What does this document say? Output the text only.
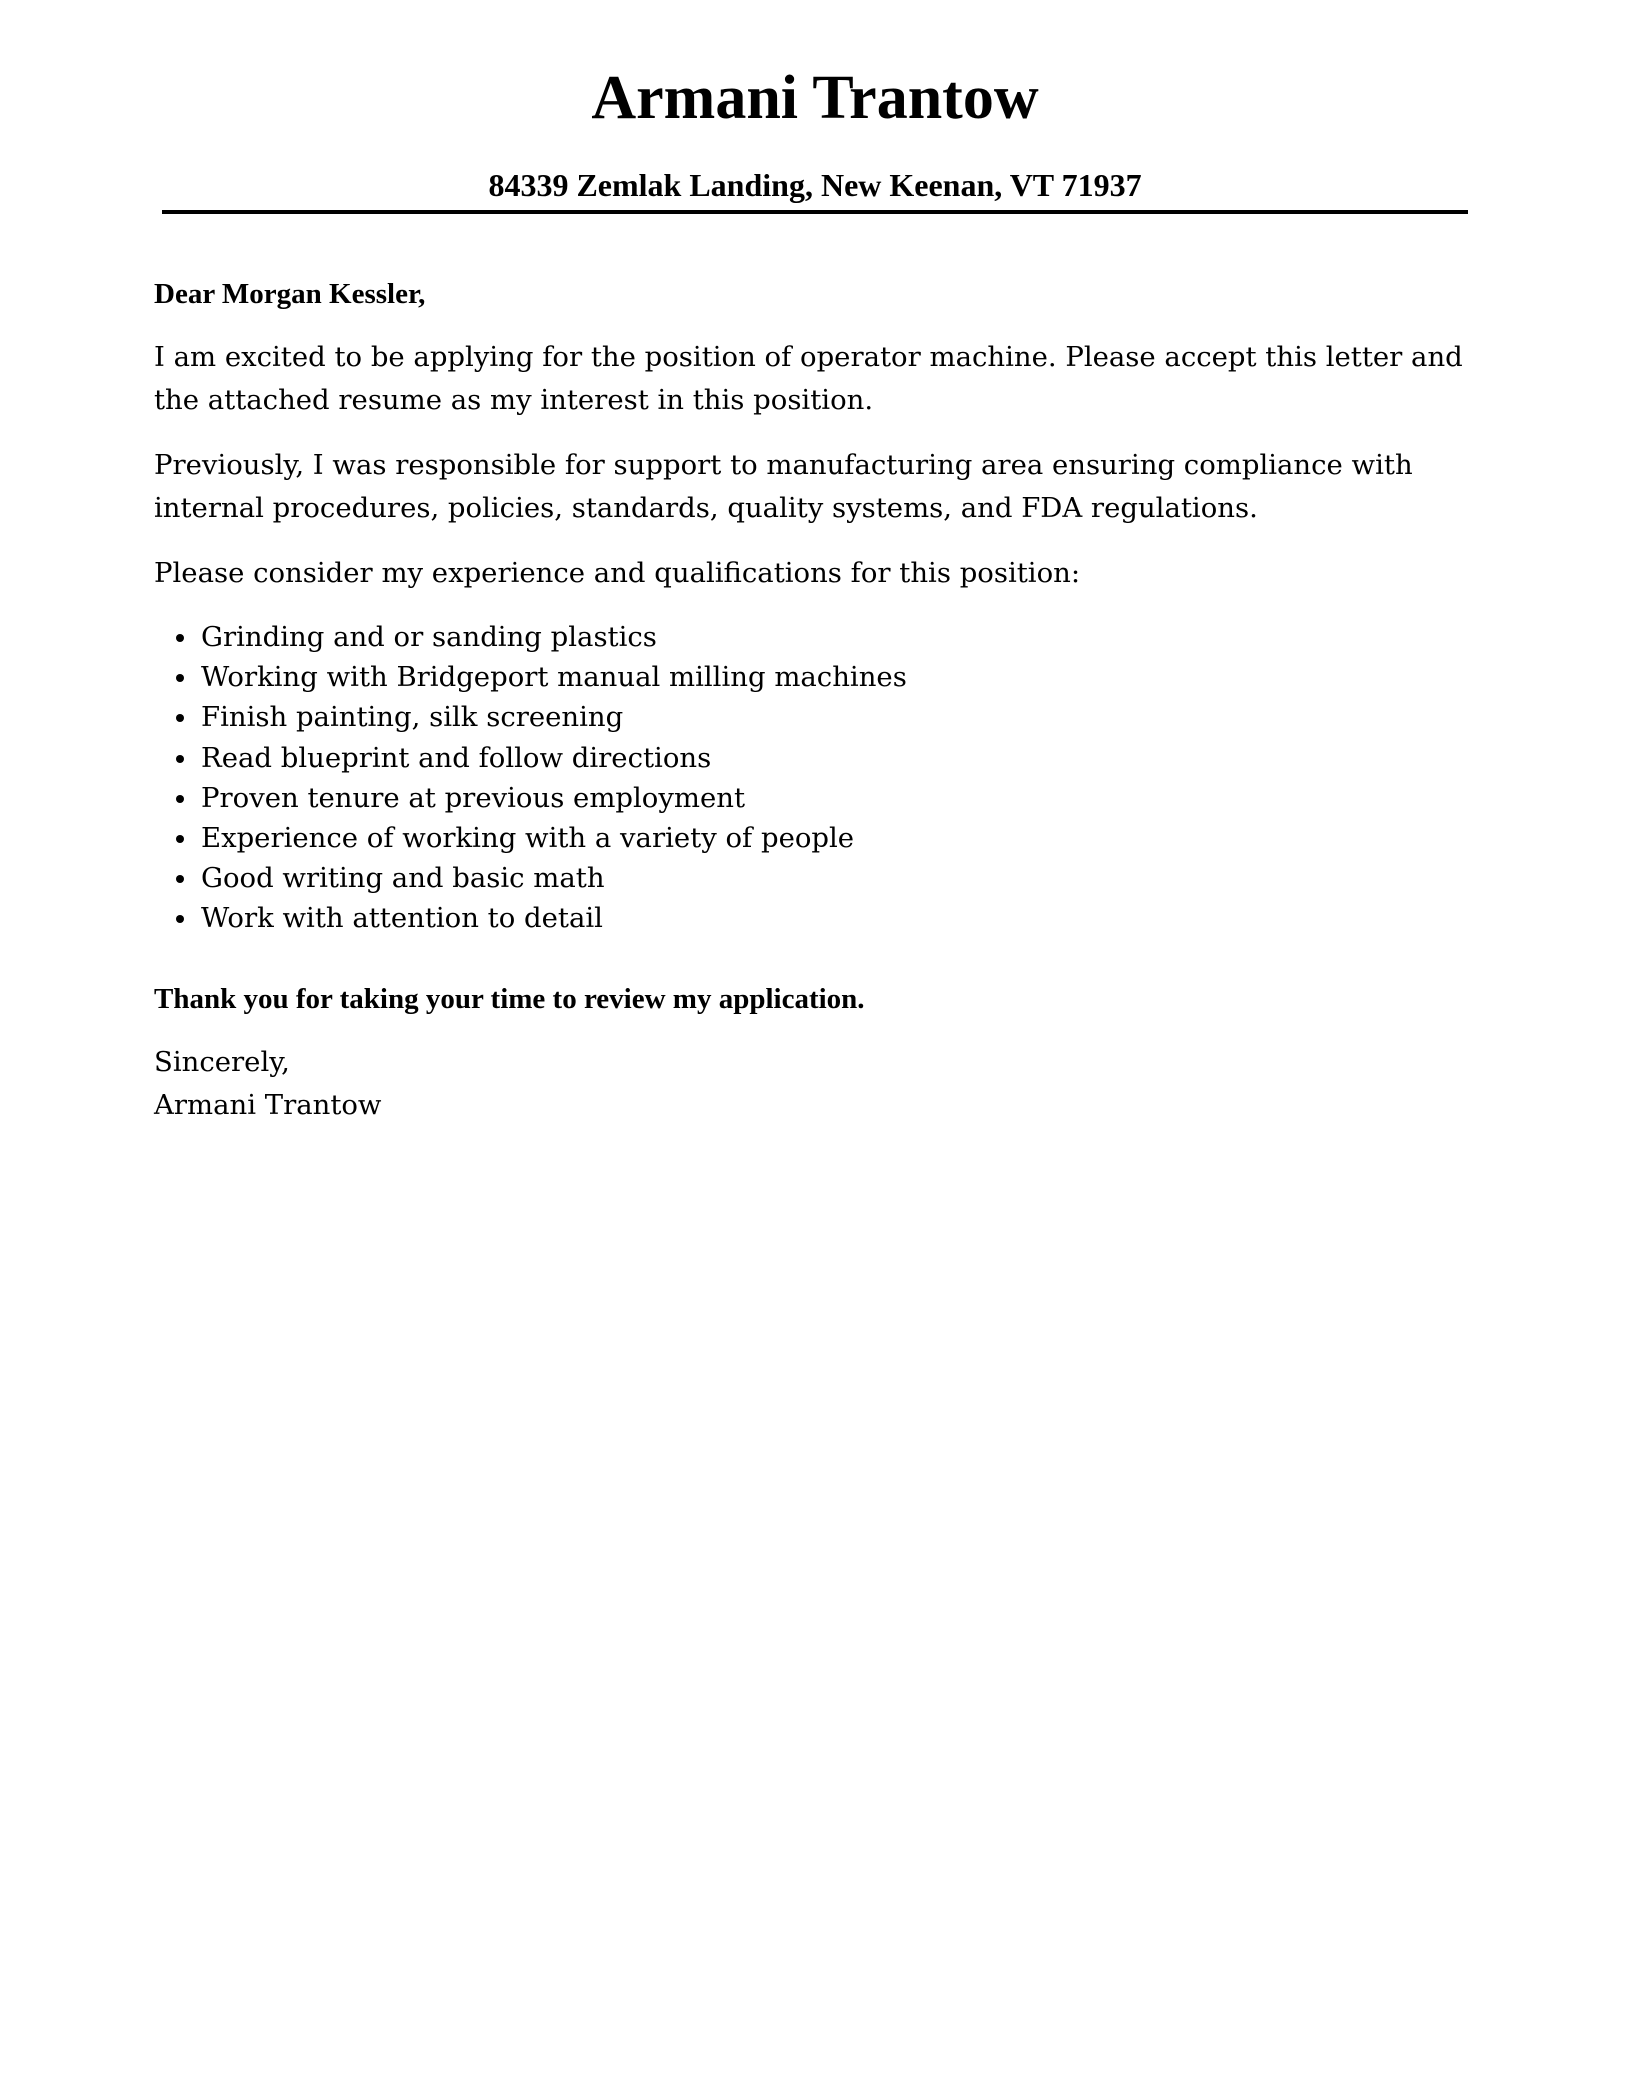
Armani Trantow
84339 Zemlak Landing, New Keenan, VT 71937

Dear Morgan Kessler,

I am excited to be applying for the position of operator machine. Please accept this letter and the attached resume as my interest in this position.

Previously, I was responsible for support to manufacturing area ensuring compliance with internal procedures, policies, standards, quality systems, and FDA regulations.

Please consider my experience and qualifications for this position:

Grinding and or sanding plastics
Working with Bridgeport manual milling machines
Finish painting, silk screening
Read blueprint and follow directions
Proven tenure at previous employment
Experience of working with a variety of people
Good writing and basic math
Work with attention to detail

Thank you for taking your time to review my application.

Sincerely,

Armani Trantow
